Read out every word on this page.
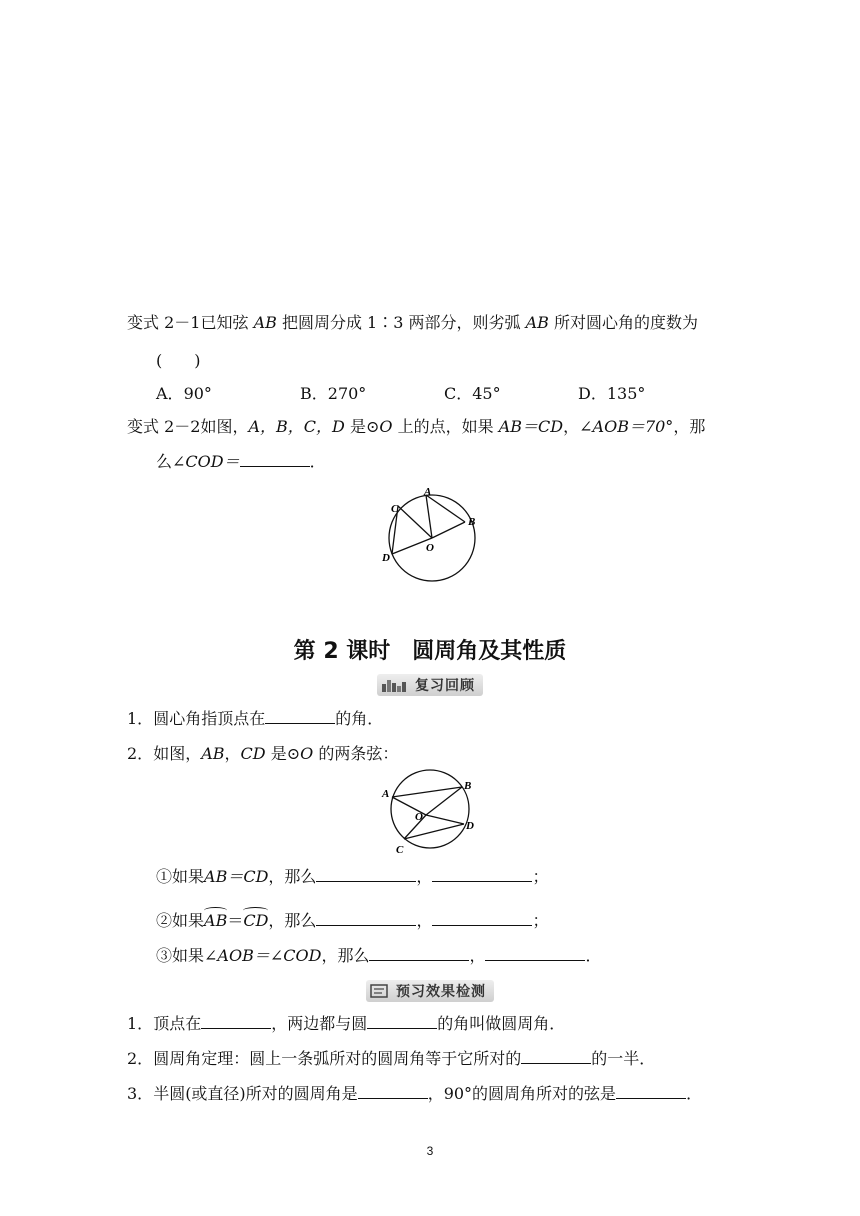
变式 2－1已知弦 AB 把圆周分成 1∶3 两部分，则劣弧 AB 所对圆心角的度数为
(　　)
A．90°	B．270°	C．45°	D．135°
变式 2－2如图，A，B，C，D 是⊙O 上的点，如果 AB＝CD，∠AOB＝70°，那
么∠COD＝	．
C
A
B
D
O
第 2 课时　圆周角及其性质
复习回顾
1．圆心角指顶点在	的角．
2．如图，AB，CD 是⊙O 的两条弦：
A
B
O
D
C
①如果AB＝CD，那么	，	；
②如果
AB＝
CD，那么	，	；
③如果∠AOB＝∠COD，那么	，	．
预习效果检测
1．顶点在	，两边都与圆	的角叫做圆周角．
2．圆周角定理：圆上一条弧所对的圆周角等于它所对的	的一半．
3．半圆(或直径)所对的圆周角是	，90°的圆周角所对的弦是	．
3
